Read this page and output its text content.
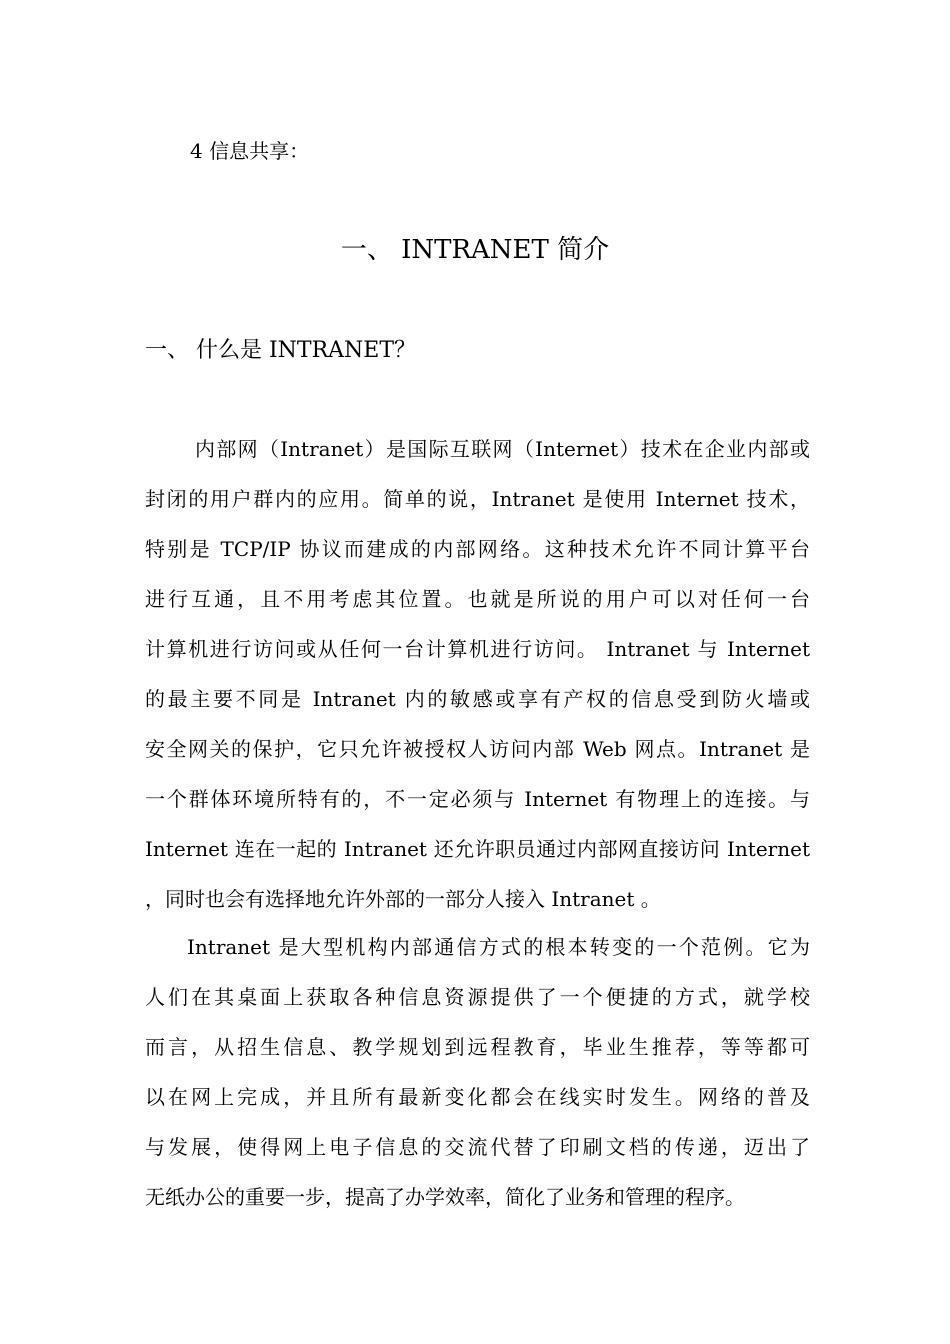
4 信息共享：
一、 INTRANET 简介
一、 什么是 INTRANET？
内部网（Intranet）是国际互联网（Internet）技术在企业内部或
封闭的用户群内的应用。简单的说，Intranet 是使用 Internet 技术，
特别是 TCP/IP 协议而建成的内部网络。这种技术允许不同计算平台
进行互通，且不用考虑其位置。也就是所说的用户可以对任何一台
计算机进行访问或从任何一台计算机进行访问。 Intranet 与 Internet
的最主要不同是 Intranet 内的敏感或享有产权的信息受到防火墙或
安全网关的保护，它只允许被授权人访问内部 Web 网点。Intranet 是
一个群体环境所特有的，不一定必须与 Internet 有物理上的连接。与
Internet 连在一起的 Intranet 还允许职员通过内部网直接访问 Internet
，同时也会有选择地允许外部的一部分人接入 Intranet 。
Intranet 是大型机构内部通信方式的根本转变的一个范例。它为
人们在其桌面上获取各种信息资源提供了一个便捷的方式，就学校
而言，从招生信息、教学规划到远程教育，毕业生推荐，等等都可
以在网上完成，并且所有最新变化都会在线实时发生。网络的普及
与发展，使得网上电子信息的交流代替了印刷文档的传递，迈出了
无纸办公的重要一步，提高了办学效率，简化了业务和管理的程序。
